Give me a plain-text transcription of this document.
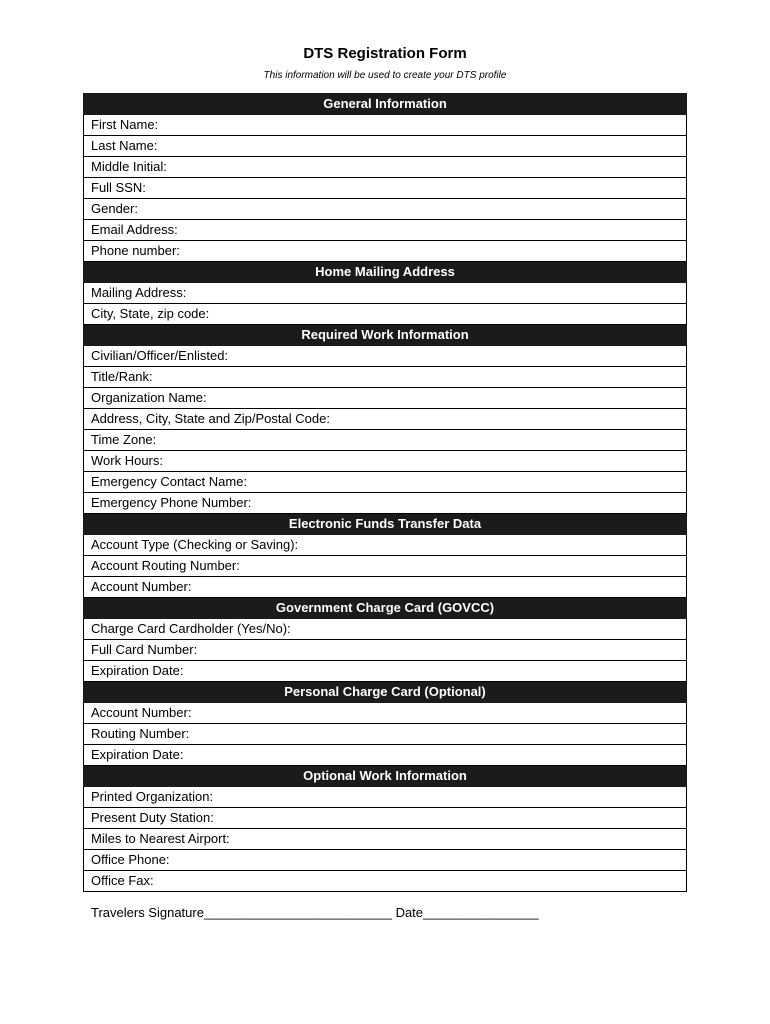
DTS Registration Form
This information will be used to create your DTS profile
General Information
First Name:
Last Name:
Middle Initial:
Full SSN:
Gender:
Email Address:
Phone number:
Home Mailing Address
Mailing Address:
City, State, zip code:
Required Work Information
Civilian/Officer/Enlisted:
Title/Rank:
Organization Name:
Address, City, State and Zip/Postal Code:
Time Zone:
Work Hours:
Emergency Contact Name:
Emergency Phone Number:
Electronic Funds Transfer Data
Account Type (Checking or Saving):
Account Routing Number:
Account Number:
Government Charge Card (GOVCC)
Charge Card Cardholder (Yes/No):
Full Card Number:
Expiration Date:
Personal Charge Card (Optional)
Account Number:
Routing Number:
Expiration Date:
Optional Work Information
Printed Organization:
Present Duty Station:
Miles to Nearest Airport:
Office Phone:
Office Fax:
Travelers Signature__________________________ Date________________
